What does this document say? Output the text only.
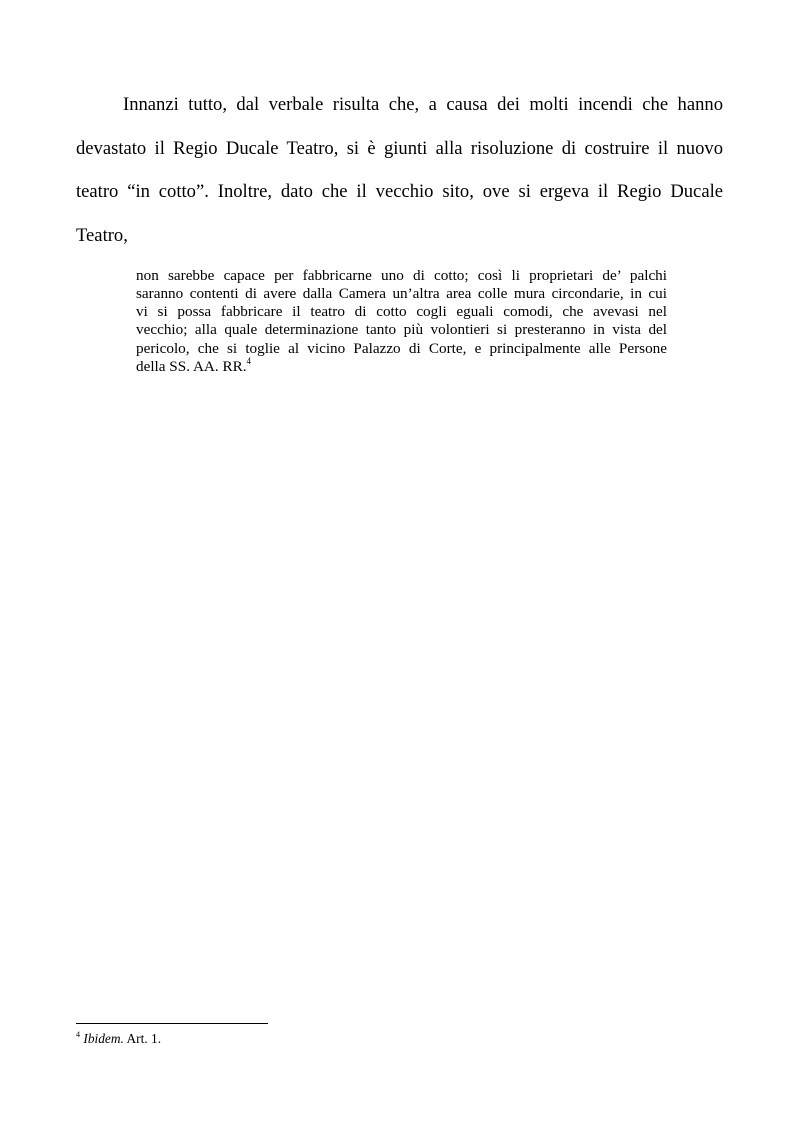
Innanzi tutto, dal verbale risulta che, a causa dei molti incendi che hanno
devastato il Regio Ducale Teatro, si è giunti alla risoluzione di costruire il nuovo
teatro “in cotto”. Inoltre, dato che il vecchio sito, ove si ergeva il Regio Ducale
Teatro,
non sarebbe capace per fabbricarne uno di cotto; così li proprietari de’ palchi
saranno contenti di avere dalla Camera un’altra area colle mura circondarie, in cui
vi si possa fabbricare il teatro di cotto cogli eguali comodi, che avevasi nel
vecchio; alla quale determinazione tanto più volontieri si presteranno in vista del
pericolo, che si toglie al vicino Palazzo di Corte, e principalmente alle Persone
della SS. AA. RR.$^4$
$^4$ Ibidem. Art. 1.
